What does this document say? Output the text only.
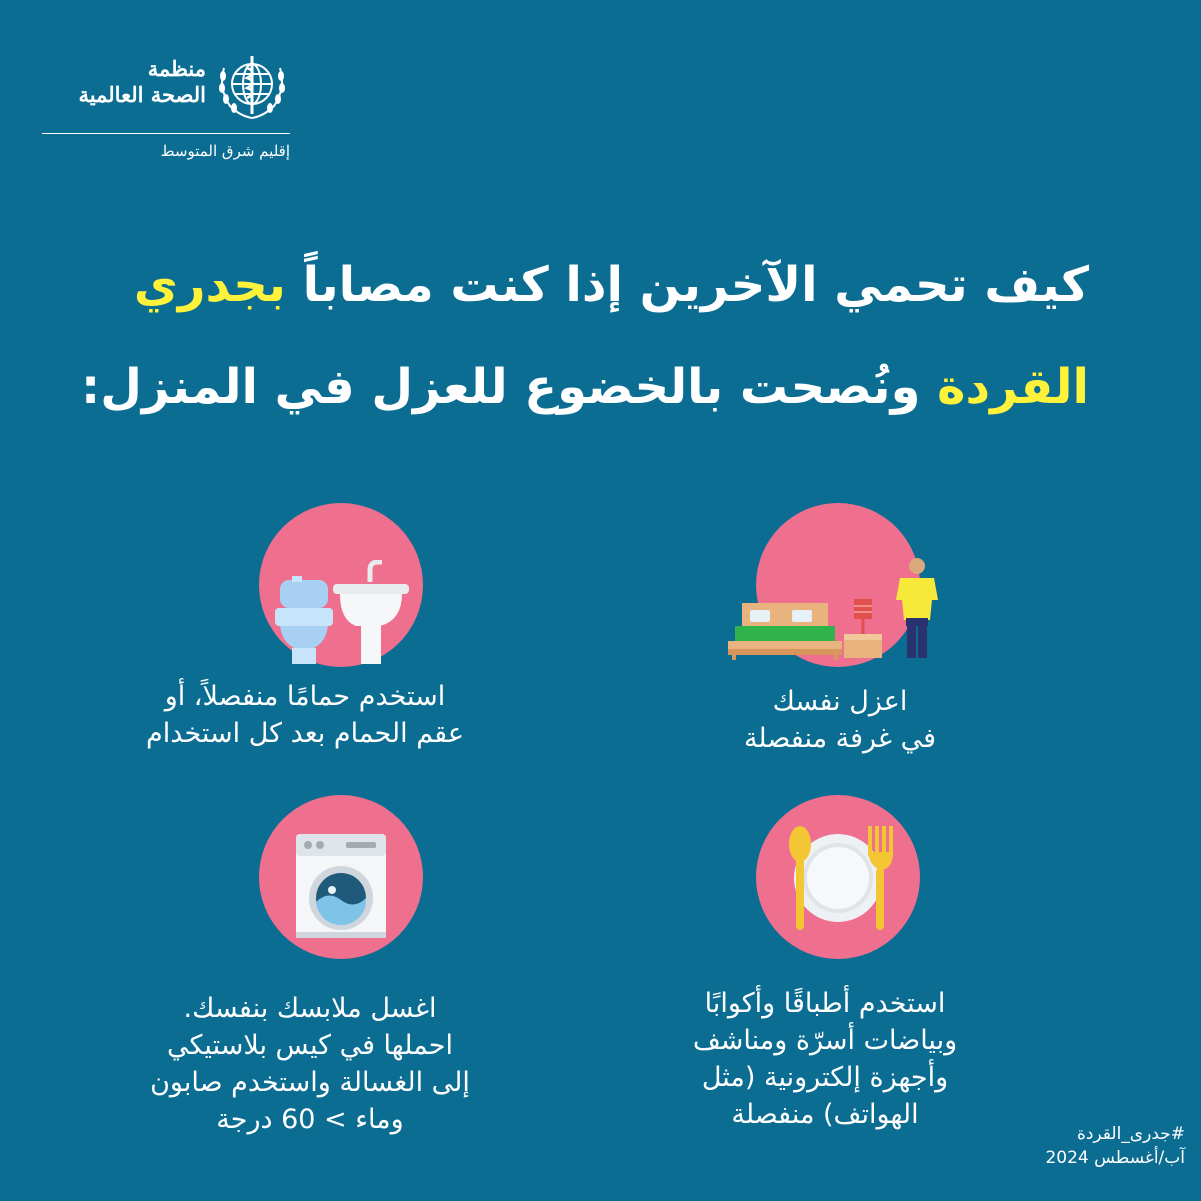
منظمة
الصحة العالمية
إقليم شرق المتوسط
كيف تحمي الآخرين إذا كنت مصاباً بجدري
القردة ونُصحت بالخضوع للعزل في المنزل:
اعزل نفسك
في غرفة منفصلة
استخدم حمامًا منفصلاً، أو
عقم الحمام بعد كل استخدام
استخدم أطباقًا وأكوابًا
وبياضات أسرّة ومناشف
وأجهزة إلكترونية (مثل
الهواتف) منفصلة
اغسل ملابسك بنفسك.
احملها في كيس بلاستيكي
إلى الغسالة واستخدم صابون
وماء > 60 درجة	#جدرى_القردة
آب/أغسطس 2024
